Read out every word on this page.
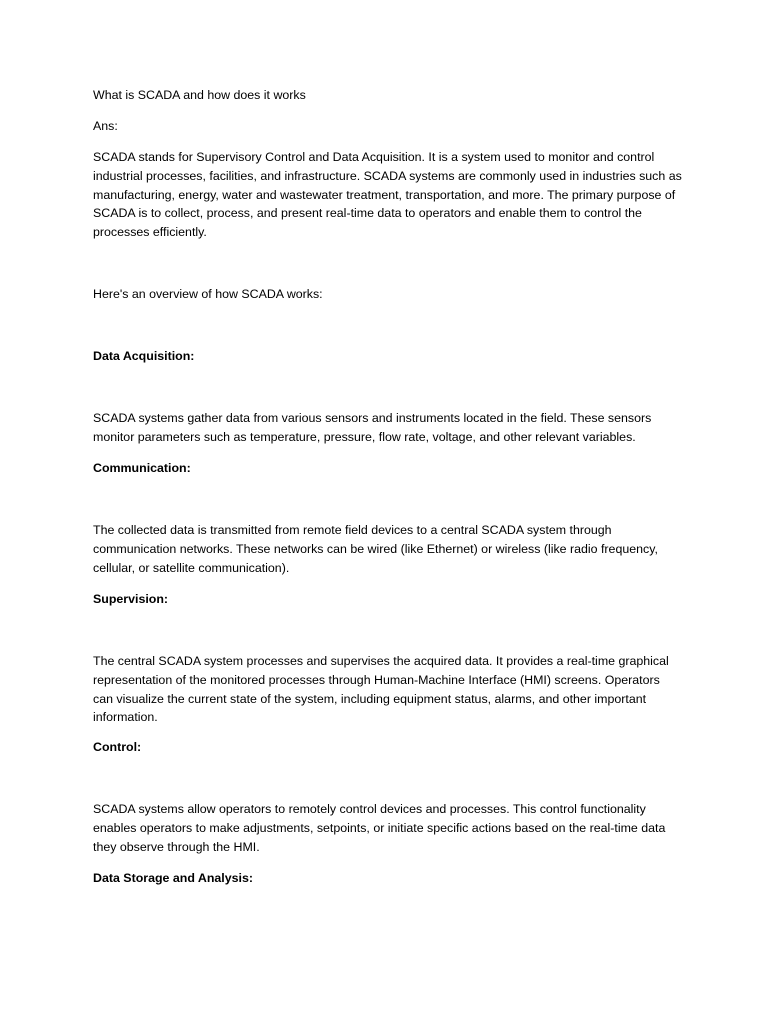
What is SCADA and how does it works

Ans:

SCADA stands for Supervisory Control and Data Acquisition. It is a system used to monitor and control industrial processes, facilities, and infrastructure. SCADA systems are commonly used in industries such as manufacturing, energy, water and wastewater treatment, transportation, and more. The primary purpose of SCADA is to collect, process, and present real-time data to operators and enable them to control the processes efficiently.

Here's an overview of how SCADA works:

Data Acquisition:

SCADA systems gather data from various sensors and instruments located in the field. These sensors monitor parameters such as temperature, pressure, flow rate, voltage, and other relevant variables.

Communication:

The collected data is transmitted from remote field devices to a central SCADA system through communication networks. These networks can be wired (like Ethernet) or wireless (like radio frequency, cellular, or satellite communication).

Supervision:

The central SCADA system processes and supervises the acquired data. It provides a real-time graphical representation of the monitored processes through Human-Machine Interface (HMI) screens. Operators can visualize the current state of the system, including equipment status, alarms, and other important information.

Control:

SCADA systems allow operators to remotely control devices and processes. This control functionality enables operators to make adjustments, setpoints, or initiate specific actions based on the real-time data they observe through the HMI.

Data Storage and Analysis:
